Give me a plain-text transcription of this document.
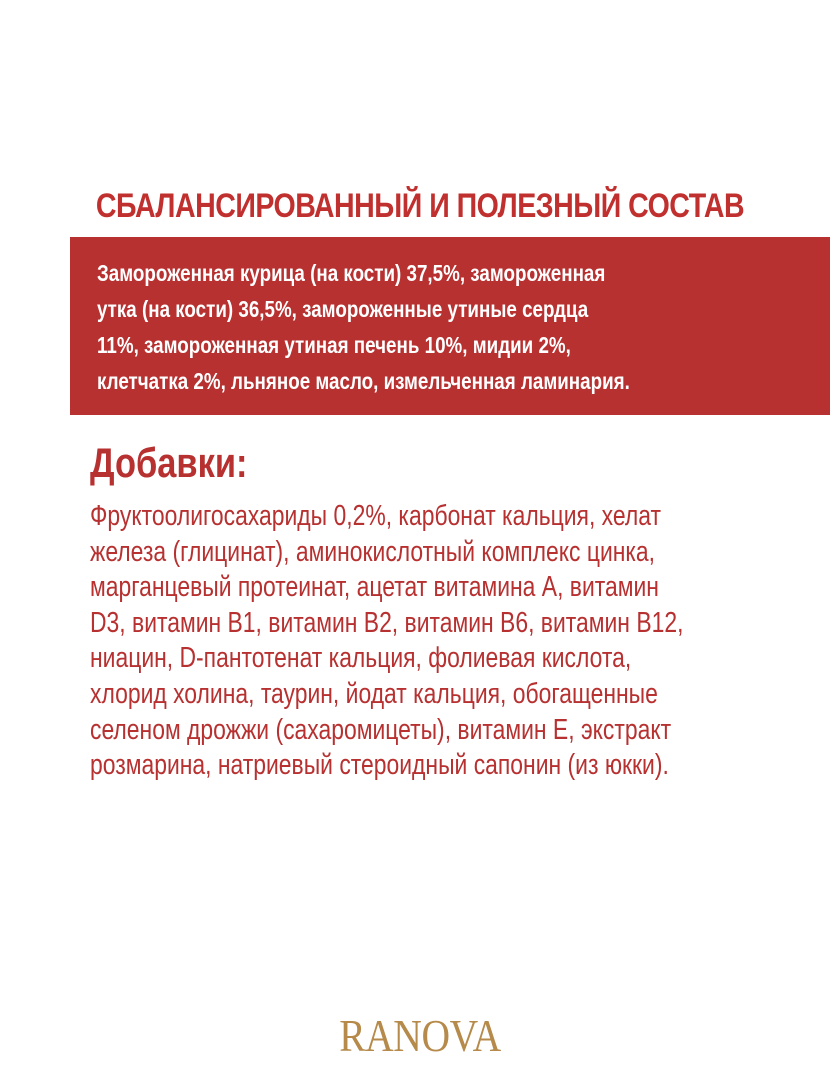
СБАЛАНСИРОВАННЫЙ И ПОЛЕЗНЫЙ СОСТАВ
Замороженная курица (на кости) 37,5%, замороженная
утка (на кости) 36,5%, замороженные утиные сердца
11%, замороженная утиная печень 10%, мидии 2%,
клетчатка 2%, льняное масло, измельченная ламинария.
Добавки:
Фруктоолигосахариды 0,2%, карбонат кальция, хелат
железа (глицинат), аминокислотный комплекс цинка,
марганцевый протеинат, ацетат витамина A, витамин
D3, витамин B1, витамин B2, витамин B6, витамин B12,
ниацин, D-пантотенат кальция, фолиевая кислота,
хлорид холина, таурин, йодат кальция, обогащенные
селеном дрожжи (сахаромицеты), витамин E, экстракт
розмарина, натриевый стероидный сапонин (из юкки).
RANOVA
